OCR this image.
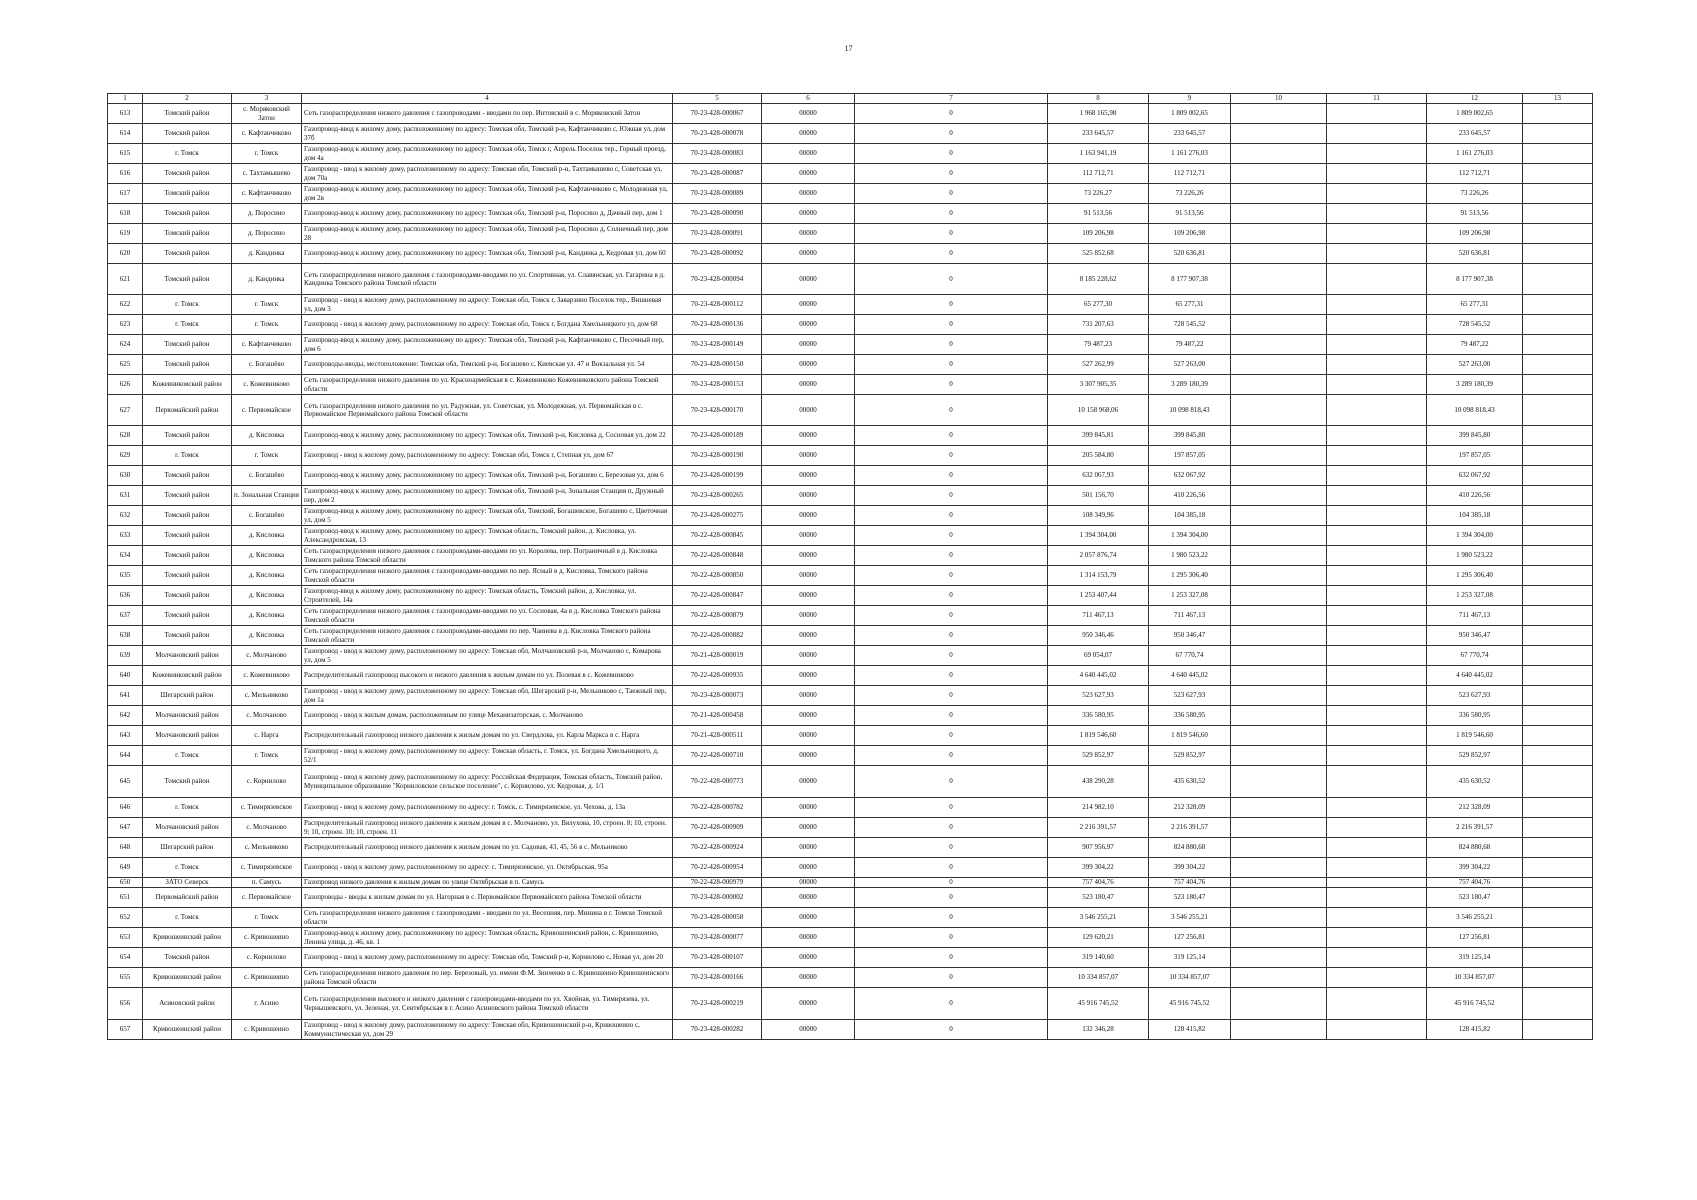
17
1	2	3	4	5	6	7	8	9	10	11	12	13
613	Томский район	с. Моряковский Затон	Сеть газораспределения низкого давления с газопроводами - вводами по пер. Интовский в с. Моряковский Затон	70-23-428-000067	00000	0	1 968 165,98	1 809 002,65			1 809 002,65	
614	Томский район	с. Кафтанчиково	Газопровод-ввод к жилому дому, расположенному по адресу: Томская обл, Томский р-н, Кафтанчиково с, Южная ул, дом 37б	70-23-428-000078	00000	0	233 645,57	233 645,57			233 645,57	
615	г. Томск	г. Томск	Газопровод-ввод к жилому дому, расположенному по адресу: Томская обл, Томск г, Апрель Поселок тер., Горный проезд, дом 4а	70-23-428-000083	00000	0	1 163 941,19	1 161 276,03			1 161 276,03	
616	Томский район	с. Тахтамышево	Газопровод - ввод к жилому дому, расположенному по адресу: Томская обл, Томский р-н, Тахтамышево с, Советская ул, дом 70а	70-23-428-000087	00000	0	112 712,71	112 712,71			112 712,71	
617	Томский район	с. Кафтанчиково	Газопровод-ввод к жилому дому, расположенному по адресу: Томская обл, Томский р-н, Кафтанчиково с, Молодежная ул, дом 2в	70-23-428-000089	00000	0	73 226,27	73 226,26			73 226,26	
618	Томский район	д. Поросино	Газопровод-ввод к жилому дому, расположенному по адресу: Томская обл, Томский р-н, Поросино д, Дачный пер, дом 1	70-23-428-000090	00000	0	91 513,56	91 513,56			91 513,56	
619	Томский район	д. Поросино	Газопровод-ввод к жилому дому, расположенному по адресу: Томская обл, Томский р-н, Поросино д, Солнечный пер, дом 28	70-23-428-000091	00000	0	109 206,98	109 206,98			109 206,98	
620	Томский район	д. Кандинка	Газопровод-ввод к жилому дому, расположенному по адресу: Томская обл, Томский р-н, Кандинка д, Кедровая ул, дом 60	70-23-428-000092	00000	0	525 852,68	520 636,81			520 636,81	
621	Томский район	д. Кандинка	Сеть газораспределения низкого давления с газопроводами-вводами по ул. Спортивная, ул. Славянская, ул. Гагарина в д. Кандинка Томского района Томской области	70-23-428-000094	00000	0	8 185 228,62	8 177 907,38			8 177 907,38	
622	г. Томск	г. Томск	Газопровод - ввод к жилому дому, расположенному по адресу: Томская обл, Томск г, Заварзино Поселок тер., Вишневая ул, дом 3	70-23-428-000112	00000	0	65 277,30	65 277,31			65 277,31	
623	г. Томск	г. Томск	Газопровод - ввод к жилому дому, расположенному по адресу: Томская обл, Томск г, Богдана Хмельницкого ул, дом 68	70-23-428-000136	00000	0	731 207,63	728 545,52			728 545,52	
624	Томский район	с. Кафтанчиково	Газопровод-ввод к жилому дому, расположенному по адресу: Томская обл, Томский р-н, Кафтанчиково с, Песочный пер, дом 6	70-23-428-000149	00000	0	79 487,23	79 487,22			79 487,22	
625	Томский район	с. Богашёво	Газопроводы-вводы, местоположение: Томская обл, Томский р-н, Богашево с, Киевская ул. 47 и Вокзальная ул. 54	70-23-428-000150	00000	0	527 262,99	527 263,00			527 263,00	
626	Кожевниковский район	с. Кожевниково	Сеть газораспределения низкого давления по ул. Красноармейская в с. Кожевниково Кожевниковского района Томской области	70-23-428-000153	00000	0	3 307 905,35	3 289 180,39			3 289 180,39	
627	Первомайский район	с. Первомайское	Сеть газораспределения низкого давления по ул. Радужная, ул. Советская, ул. Молодежная, ул. Первомайская в с. Первомайское Первомайского района Томской области	70-23-428-000170	00000	0	10 158 968,06	10 098 818,43			10 098 818,43	
628	Томский район	д. Кисловка	Газопровод-ввод к жилому дому, расположенному по адресу: Томская обл, Томский р-н, Кисловка д, Сосновая ул, дом 22	70-23-428-000189	00000	0	399 845,81	399 845,80			399 845,80	
629	г. Томск	г. Томск	Газопровод - ввод к жилому дому, расположенному по адресу: Томская обл, Томск г, Степная ул, дом 67	70-23-428-000190	00000	0	205 584,80	197 857,05			197 857,05	
630	Томский район	с. Богашёво	Газопровод-ввод к жилому дому, расположенному по адресу: Томская обл, Томский р-н, Богашево с, Березовая ул, дом 6	70-23-428-000199	00000	0	632 067,93	632 067,92			632 067,92	
631	Томский район	п. Зональная Станция	Газопровод-ввод к жилому дому, расположенному по адресу: Томская обл, Томский р-н, Зональная Станция п, Дружный пер, дом 2	70-23-428-000265	00000	0	501 156,70	410 226,56			410 226,56	
632	Томский район	с. Богашёво	Газопровод-ввод к жилому дому, расположенному по адресу: Томская обл, Томский, Богашевское, Богашево с, Цветочная ул, дом 5	70-23-428-000275	00000	0	108 349,96	104 385,18			104 385,18	
633	Томский район	д. Кисловка	Газопровод-ввод к жилому дому, расположенному по адресу: Томская область, Томский район, д. Кисловка, ул. Александровская, 13	70-22-428-000845	00000	0	1 394 304,00	1 394 304,00			1 394 304,00	
634	Томский район	д. Кисловка	Сеть газораспределения низкого давления с газопроводами-вводами по ул. Королева, пер. Пограничный в д. Кисловка Томского района Томской области	70-22-428-000848	00000	0	2 057 876,74	1 980 523,22			1 980 523,22	
635	Томский район	д. Кисловка	Сеть газораспределения низкого давления с газопроводами-вводами по пер. Ясный в д. Кисловка, Томского района Томской области	70-22-428-000850	00000	0	1 314 153,79	1 295 306,40			1 295 306,40	
636	Томский район	д. Кисловка	Газопровод-ввод к жилому дому, расположенному по адресу: Томская область, Томский район, д. Кисловка, ул. Строителей, 14а	70-22-428-000847	00000	0	1 253 407,44	1 253 327,08			1 253 327,08	
637	Томский район	д. Кисловка	Сеть газораспределения низкого давления с газопроводами-вводами по ул. Сосновая, 4а в д. Кисловка Томского района Томской области	70-22-428-000879	00000	0	711 467,13	711 467,13			711 467,13	
638	Томский район	д. Кисловка	Сеть газораспределения низкого давления с газопроводами-вводами по пер. Чаинева в д. Кисловка Томского района Томской области	70-22-428-000882	00000	0	950 346,46	950 346,47			950 346,47	
639	Молчановский район	с. Молчаново	Газопровод - ввод к жилому дому, расположенному по адресу: Томская обл, Молчановский р-н, Молчаново с, Комарова ул, дом 5	70-21-428-000019	00000	0	69 054,07	67 770,74			67 770,74	
640	Кожевниковский район	с. Кожевниково	Распределительный газопровод высокого и низкого давления к жилым домам по ул. Полевая в с. Кожевниково	70-22-428-000935	00000	0	4 640 445,02	4 640 445,02			4 640 445,02	
641	Шегарский район	с. Мельниково	Газопровод - ввод к жилому дому, расположенному по адресу: Томская обл, Шегарский р-н, Мельниково с, Таежный пер, дом 1а	70-23-428-000073	00000	0	523 627,93	523 627,93			523 627,93	
642	Молчановский район	с. Молчаново	Газопровод - ввод к жилым домам, расположенным по улице Механизаторская, с. Молчаново	70-21-428-000458	00000	0	336 580,95	336 580,95			336 580,95	
643	Молчановский район	с. Нарга	Распределительный газопровод низкого давления к жилым домам по ул. Свердлова, ул. Карла Маркса в с. Нарга	70-21-428-000511	00000	0	1 819 546,60	1 819 546,60			1 819 546,60	
644	г. Томск	г. Томск	Газопровод - ввод к жилому дому, расположенному по адресу: Томская область, г. Томск, ул. Богдана Хмельницкого, д. 52/1	70-22-428-000710	00000	0	529 852,97	529 852,97			529 852,97	
645	Томский район	с. Корнилово	Газопровод - ввод к жилому дому, расположенному по адресу: Российская Федерация, Томская область, Томский район, Муниципальное образование "Корниловское сельское поселение", с. Корнилово, ул. Кедровая, д. 1/1	70-22-428-000773	00000	0	438 290,28	435 630,52			435 630,52	
646	г. Томск	с. Тимирязевское	Газопровод - ввод к жилому дому, расположенному по адресу: г. Томск, с. Тимирязевское, ул. Чехова, д. 13а	70-22-428-000782	00000	0	214 982,10	212 328,09			212 328,09	
647	Молчановский район	с. Молчаново	Распределительный газопровод низкого давления к жилым домам в с. Молчаново, ул. Вялухова, 10, строен. 8; 10, строен. 9; 10, строен. 10; 10, строен. 11	70-22-428-000909	00000	0	2 216 391,57	2 216 391,57			2 216 391,57	
648	Шегарский район	с. Мельниково	Распределительный газопровод низкого давления к жилым домам по ул. Садовая, 43, 45, 56 в с. Мельниково	70-22-428-000924	00000	0	907 956,97	824 880,68			824 880,68	
649	г. Томск	с. Тимирязевское	Газопровод - ввод к жилому дому, расположенному по адресу: с. Тимирязевское, ул. Октябрьская, 95а	70-22-428-000954	00000	0	399 304,22	399 304,22			399 304,22	
650	ЗАТО Северск	п. Самусь	Газопровод низкого давления к жилым домам по улице Октябрьская в п. Самусь	70-22-428-000979	00000	0	757 404,76	757 404,76			757 404,76	
651	Первомайский район	с. Первомайское	Газопроводы - вводы к жилым домам по ул. Нагорная в с. Первомайское Первомайского района Томской области	70-23-428-000002	00000	0	523 180,47	523 180,47			523 180,47	
652	г. Томск	г. Томск	Сеть газораспределения низкого давления с газопроводами - вводами по ул. Весенняя, пер. Минина в г. Томске Томской области	70-23-428-000058	00000	0	3 546 255,21	3 546 255,21			3 546 255,21	
653	Кривошеинский район	с. Кривошеино	Газопровод-ввод к жилому дому, расположенному по адресу: Томская область, Кривошеинский район, с. Кривошеино, Ленина улица, д. 46, кв. 1	70-23-428-000077	00000	0	129 620,21	127 256,81			127 256,81	
654	Томский район	с. Корнилово	Газопровод - ввод к жилому дому, расположенному по адресу: Томская обл, Томский р-н, Корнилово с, Новая ул, дом 20	70-23-428-000107	00000	0	319 140,60	319 125,14			319 125,14	
655	Кривошеинский район	с. Кривошеино	Сеть газораспределения низкого давления по пер. Березовый, ул. имени Ф.М. Зинченко в с. Кривошеино Кривошеинского района Томской области	70-23-428-000166	00000	0	10 334 857,07	10 334 857,07			10 334 857,07	
656	Асиновский район	г. Асино	Сеть газораспределения высокого и низкого давления с газопроводами-вводами по ул. Хвойная, ул. Тимирязева, ул. Чернышевского, ул. Зеленая, ул. Сентябрьская в г. Асино Асиновского района Томской области	70-23-428-000219	00000	0	45 916 745,52	45 916 745,52			45 916 745,52	
657	Кривошеинский район	с. Кривошеино	Газопровод - ввод к жилому дому, расположенному по адресу: Томская обл, Кривошеинский р-н, Кривошеино с, Коммунистическая ул, дом 29	70-23-428-000282	00000	0	132 346,28	128 415,82			128 415,82	
